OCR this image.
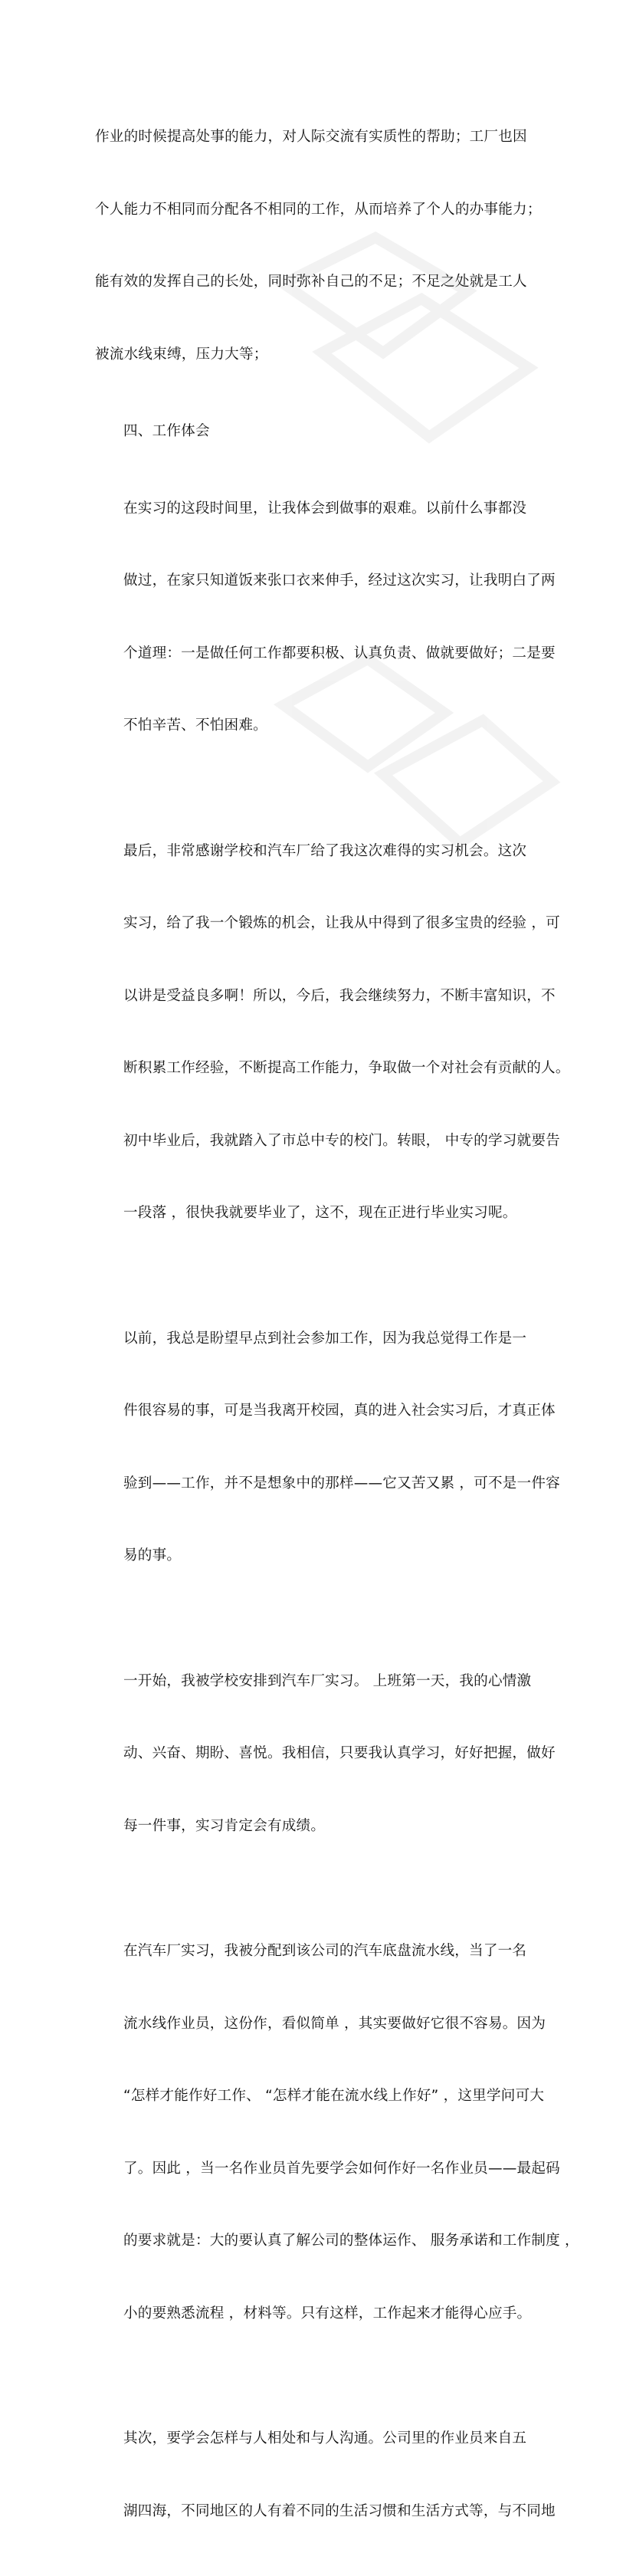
作业的时候提高处事的能力，对人际交流有实质性的帮助；工厂也因

个人能力不相同而分配各不相同的工作，从而培养了个人的办事能力；

能有效的发挥自己的长处，同时弥补自己的不足；不足之处就是工人

被流水线束缚，压力大等；

四、工作体会

在实习的这段时间里，让我体会到做事的艰难。以前什么事都没

做过，在家只知道饭来张口衣来伸手，经过这次实习，让我明白了两

个道理：一是做任何工作都要积极、认真负责、做就要做好；二是要

不怕辛苦、不怕困难。

最后，非常感谢学校和汽车厂给了我这次难得的实习机会。这次

实习，给了我一个锻炼的机会，让我从中得到了很多宝贵的经验 ，可

以讲是受益良多啊！所以，今后，我会继续努力，不断丰富知识，不

断积累工作经验，不断提高工作能力，争取做一个对社会有贡献的人。

初中毕业后，我就踏入了市总中专的校门。转眼， 中专的学习就要告

一段落 ，很快我就要毕业了，这不，现在正进行毕业实习呢。

以前，我总是盼望早点到社会参加工作，因为我总觉得工作是一

件很容易的事，可是当我离开校园，真的进入社会实习后，才真正体

验到——工作，并不是想象中的那样——它又苦又累 ，可不是一件容

易的事。

一开始，我被学校安排到汽车厂实习。 上班第一天，我的心情激

动、兴奋、期盼、喜悦。我相信，只要我认真学习，好好把握，做好

每一件事，实习肯定会有成绩。

在汽车厂实习，我被分配到该公司的汽车底盘流水线，当了一名

流水线作业员，这份作，看似简单 ，其实要做好它很不容易。因为

“怎样才能作好工作、 “怎样才能在流水线上作好” ，这里学问可大

了。因此 ，当一名作业员首先要学会如何作好一名作业员——最起码

的要求就是：大的要认真了解公司的整体运作、 服务承诺和工作制度 ，

小的要熟悉流程 ，材料等。只有这样，工作起来才能得心应手。

其次，要学会怎样与人相处和与人沟通。公司里的作业员来自五

湖四海，不同地区的人有着不同的生活习惯和生活方式等，与不同地
